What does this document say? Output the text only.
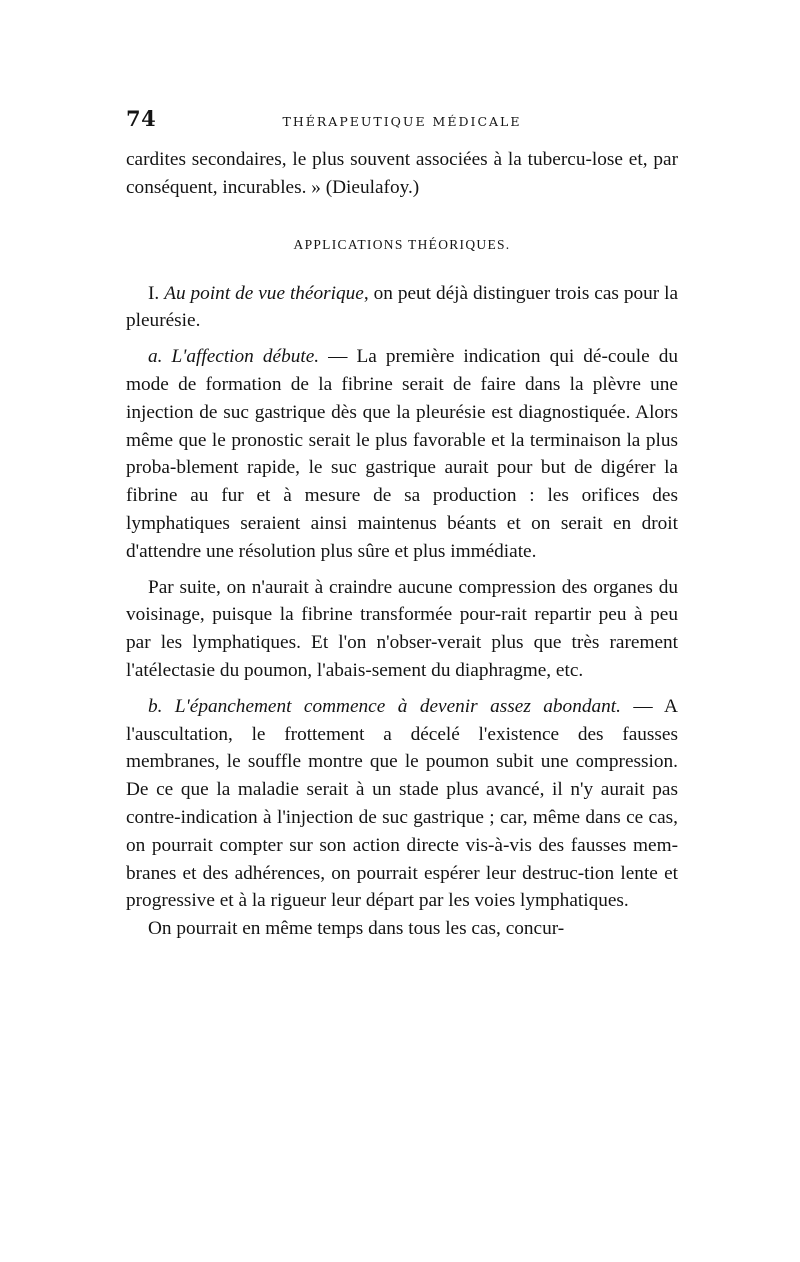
74	THÉRAPEUTIQUE MÉDICALE

cardites secondaires, le plus souvent associées à la tubercu-lose et, par conséquent, incurables. » (Dieulafoy.)

APPLICATIONS THÉORIQUES.

I. Au point de vue théorique, on peut déjà distinguer trois cas pour la pleurésie.

a. L'affection débute. — La première indication qui dé-coule du mode de formation de la fibrine serait de faire dans la plèvre une injection de suc gastrique dès que la pleurésie est diagnostiquée. Alors même que le pronostic serait le plus favorable et la terminaison la plus proba-blement rapide, le suc gastrique aurait pour but de digérer la fibrine au fur et à mesure de sa production : les orifices des lymphatiques seraient ainsi maintenus béants et on serait en droit d'attendre une résolution plus sûre et plus immédiate.

Par suite, on n'aurait à craindre aucune compression des organes du voisinage, puisque la fibrine transformée pour-rait repartir peu à peu par les lymphatiques. Et l'on n'obser-verait plus que très rarement l'atélectasie du poumon, l'abais-sement du diaphragme, etc.

b. L'épanchement commence à devenir assez abondant. — A l'auscultation, le frottement a décelé l'existence des fausses membranes, le souffle montre que le poumon subit une compression. De ce que la maladie serait à un stade plus avancé, il n'y aurait pas contre-indication à l'injection de suc gastrique ; car, même dans ce cas, on pourrait compter sur son action directe vis-à-vis des fausses mem-branes et des adhérences, on pourrait espérer leur destruc-tion lente et progressive et à la rigueur leur départ par les voies lymphatiques.

On pourrait en même temps dans tous les cas, concur-
